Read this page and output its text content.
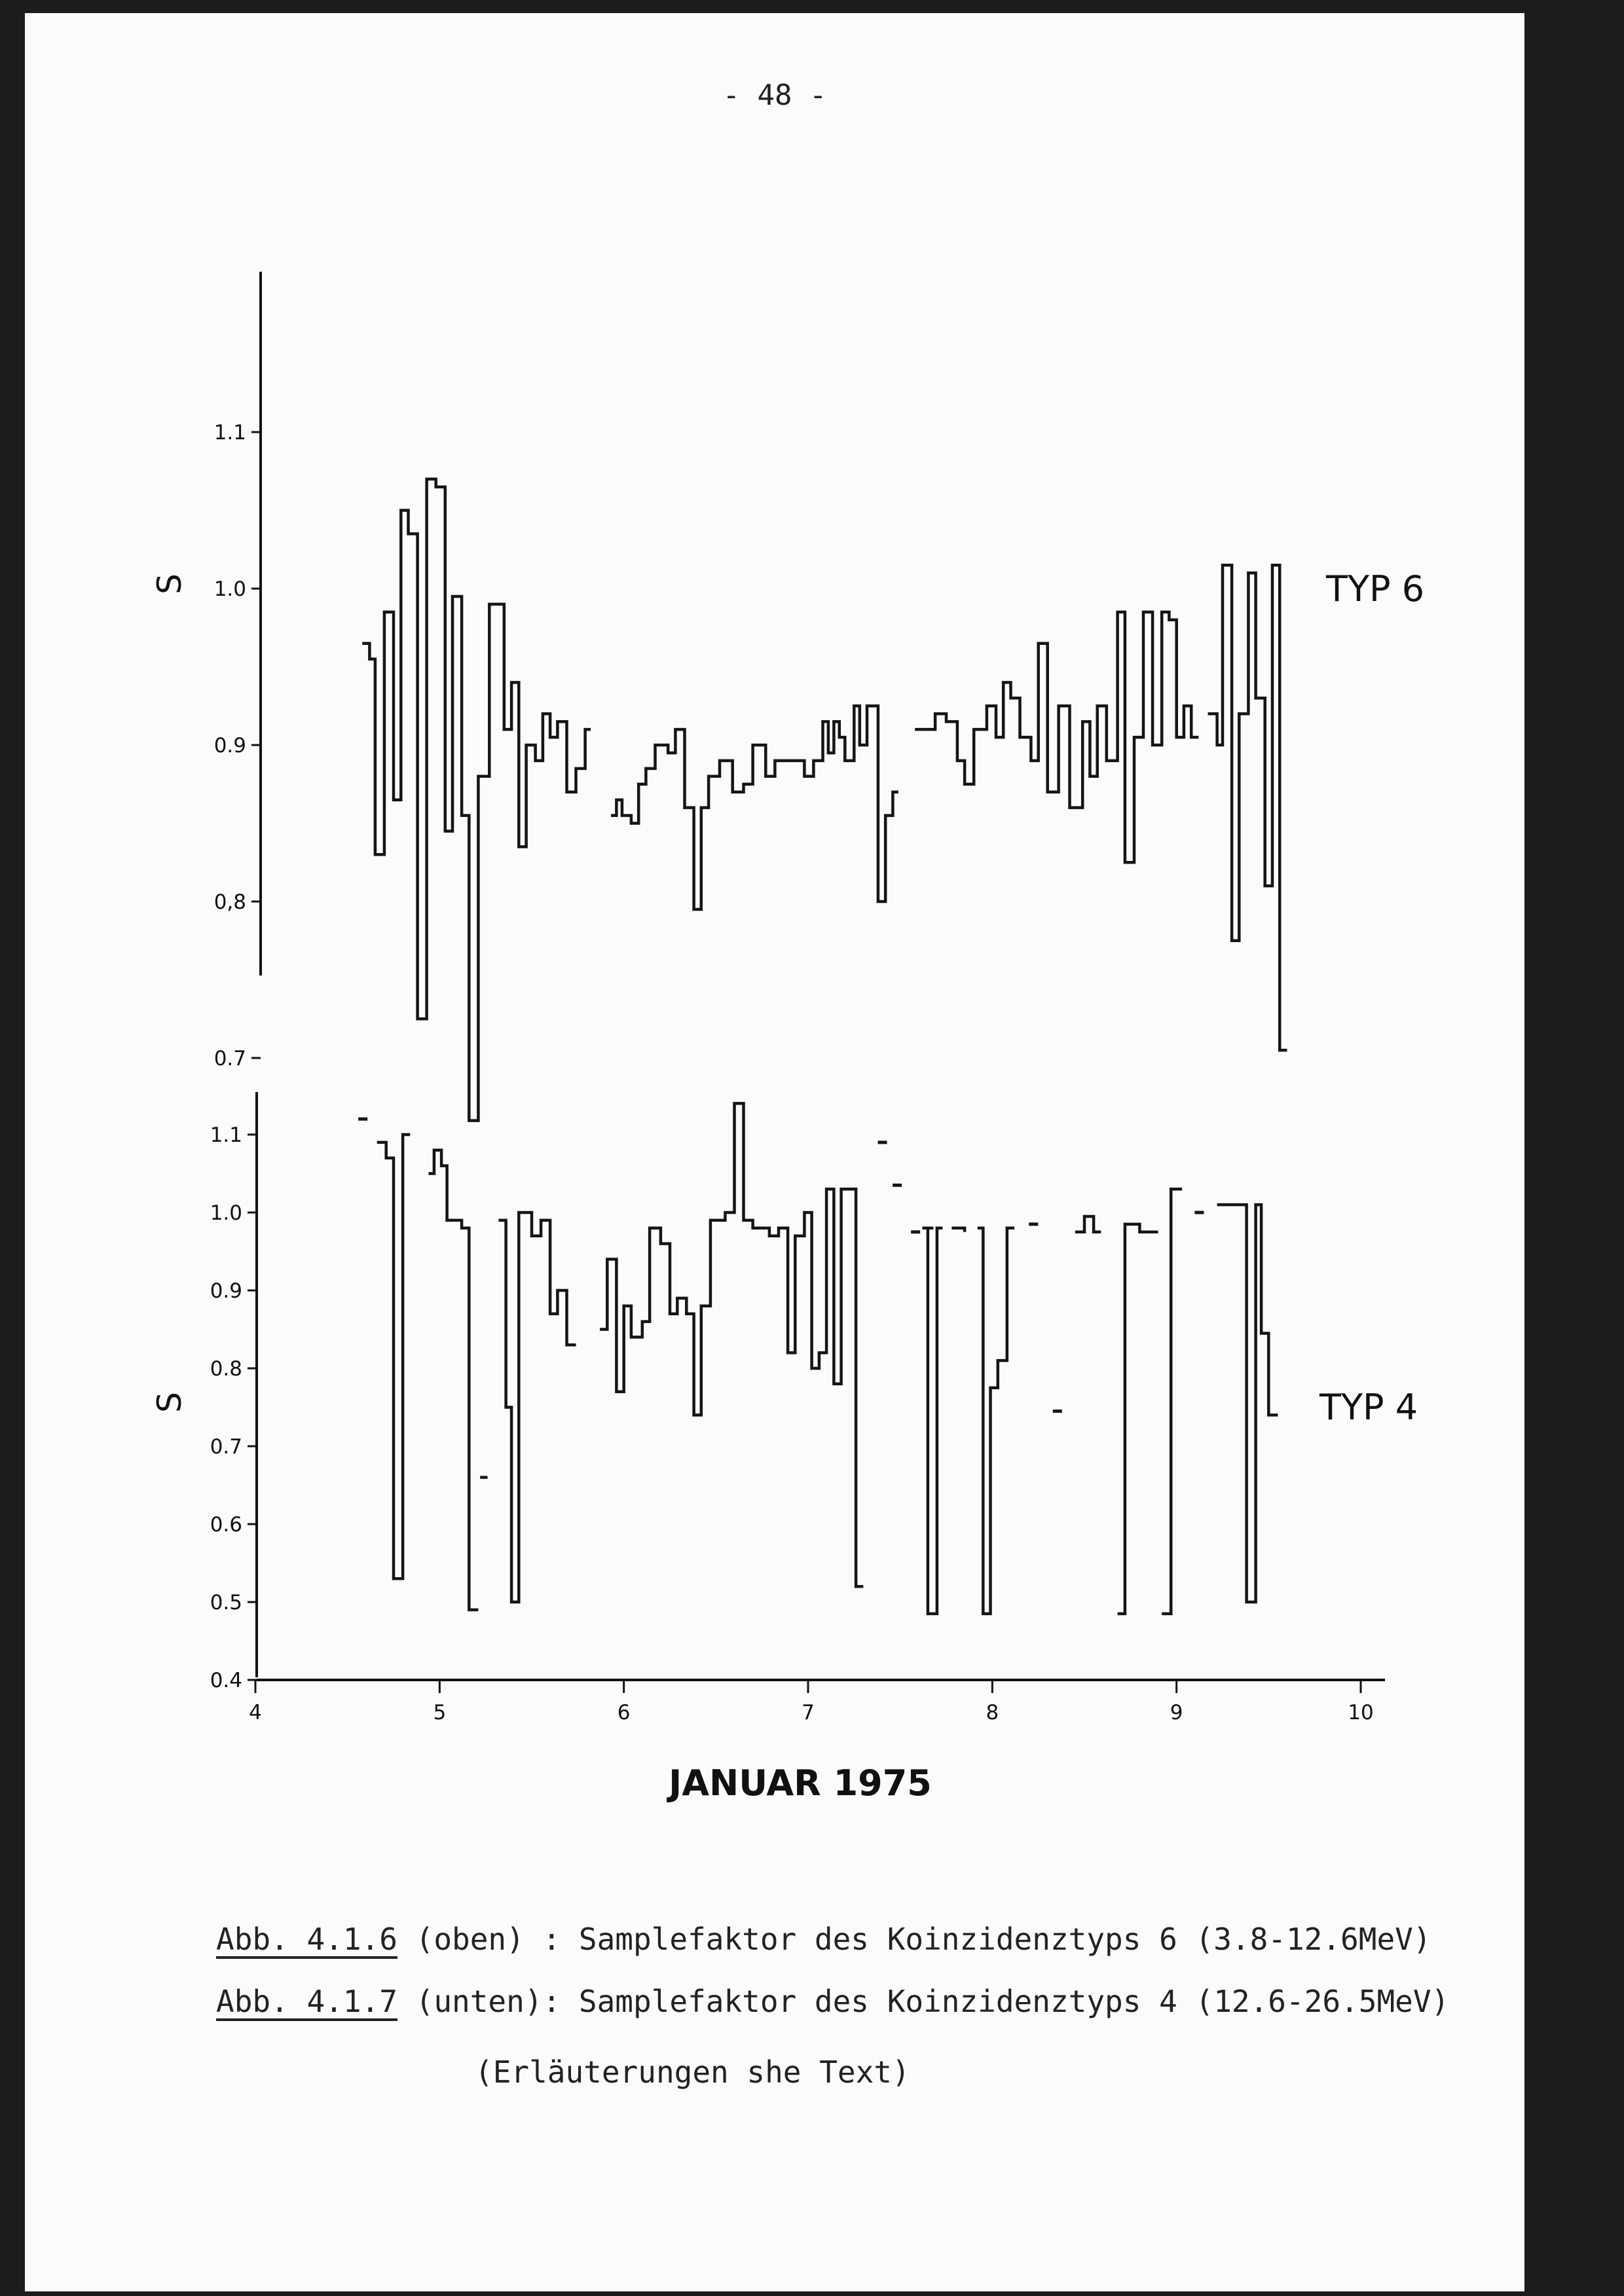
- 48 -
0.7
0,8
0.9
1.0
1.1
S	TYP 6
0.4
0.5
0.6
0.7
0.8
0.9
1.0
1.1
S	TYP 4
4	5	6	7	8	9	10
JANUAR 1975
Abb. 4.1.6 (oben) : Samplefaktor des Koinzidenztyps 6 (3.8-12.6MeV)
Abb. 4.1.7 (unten): Samplefaktor des Koinzidenztyps 4 (12.6-26.5MeV)
(Erläuterungen she Text)
